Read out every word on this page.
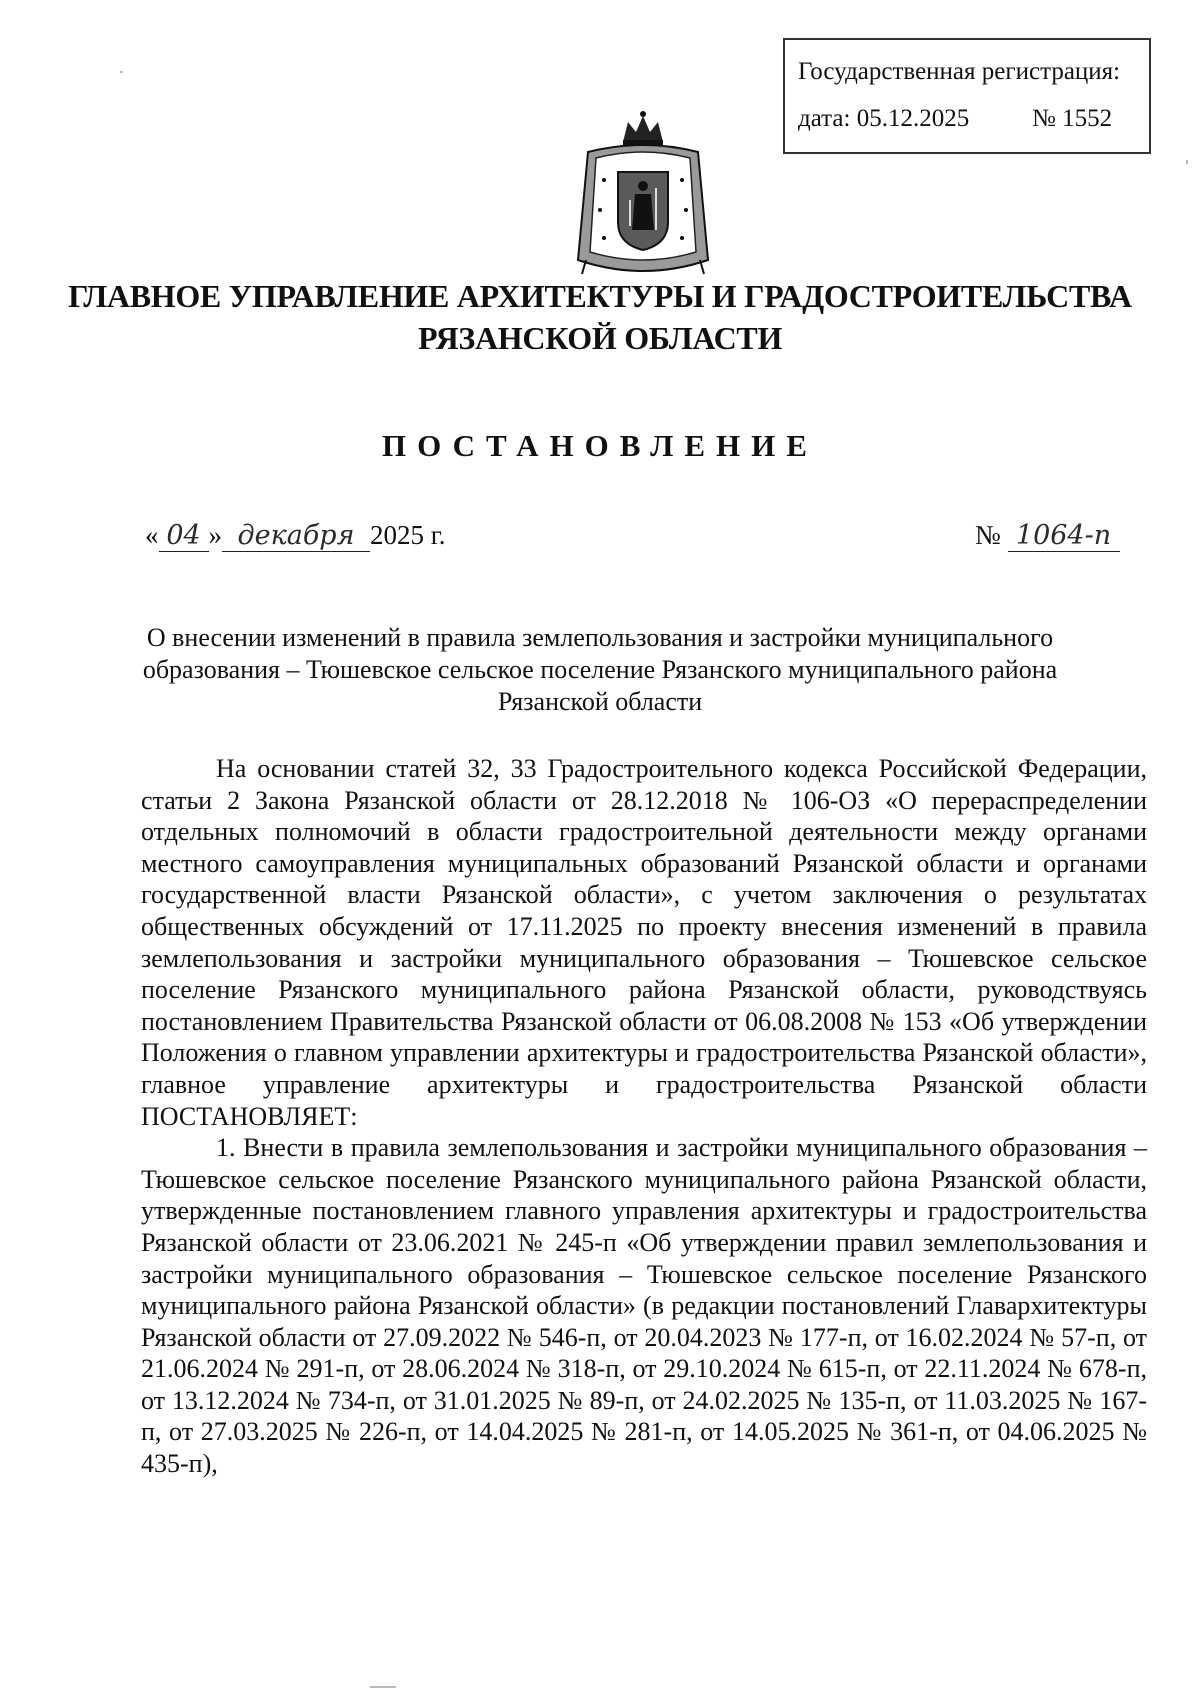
Государственная регистрация:
дата: 05.12.2025	№ 1552
ГЛАВНОЕ УПРАВЛЕНИЕ АРХИТЕКТУРЫ И ГРАДОСТРОИТЕЛЬСТВА
РЯЗАНСКОЙ ОБЛАСТИ
ПОСТАНОВЛЕНИЕ
« 04 » декабря 2025 г.	№ 1064-п
О внесении изменений в правила землепользования и застройки муниципального образования – Тюшевское сельское поселение Рязанского муниципального района Рязанской области

На основании статей 32, 33 Градостроительного кодекса Российской Федерации, статьи 2 Закона Рязанской области от 28.12.2018 № 106-ОЗ «О перераспределении отдельных полномочий в области градостроительной деятельности между органами местного самоуправления муниципальных образований Рязанской области и органами государственной власти Рязанской области», с учетом заключения о результатах общественных обсуждений от 17.11.2025 по проекту внесения изменений в правила землепользования и застройки муниципального образования – Тюшевское сельское поселение Рязанского муниципального района Рязанской области, руководствуясь постановлением Правительства Рязанской области от 06.08.2008 № 153 «Об утверждении Положения о главном управлении архитектуры и градостроительства Рязанской области», главное управление архитектуры и градостроительства Рязанской области ПОСТАНОВЛЯЕТ:

1. Внести в правила землепользования и застройки муниципального образования – Тюшевское сельское поселение Рязанского муниципального района Рязанской области, утвержденные постановлением главного управления архитектуры и градостроительства Рязанской области от 23.06.2021 № 245-п «Об утверждении правил землепользования и застройки муниципального образования – Тюшевское сельское поселение Рязанского муниципального района Рязанской области» (в редакции постановлений Главархитектуры Рязанской области от 27.09.2022 № 546-п, от 20.04.2023 № 177-п, от 16.02.2024 № 57-п, от 21.06.2024 № 291-п, от 28.06.2024 № 318-п, от 29.10.2024 № 615-п, от 22.11.2024 № 678-п, от 13.12.2024 № 734-п, от 31.01.2025 № 89-п, от 24.02.2025 № 135-п, от 11.03.2025 № 167-п, от 27.03.2025 № 226-п, от 14.04.2025 № 281-п, от 14.05.2025 № 361-п, от 04.06.2025 № 435-п),
